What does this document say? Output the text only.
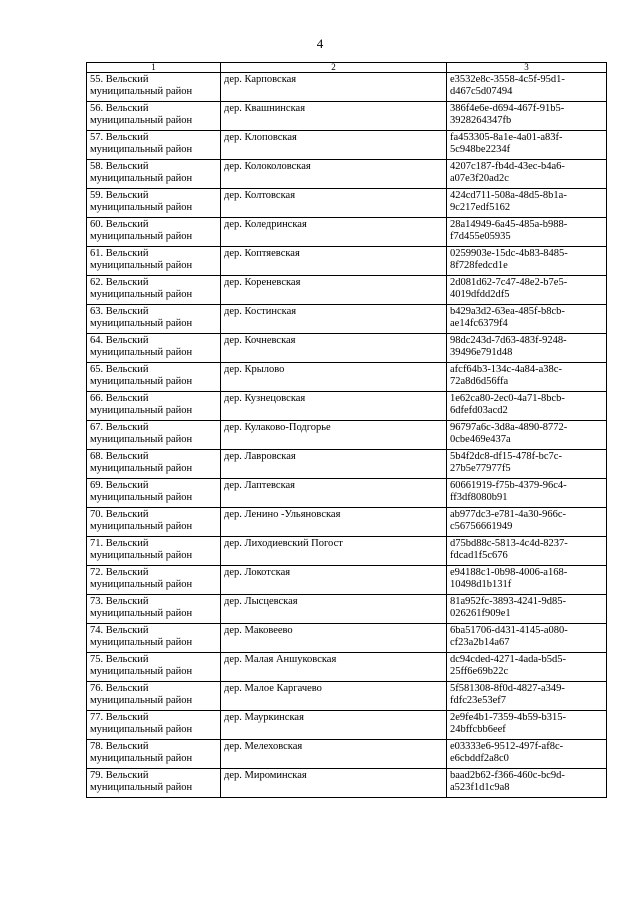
4
1	2	3
55. Вельский муниципальный район	дер. Карповская	e3532e8c-3558-4c5f-95d1-d467c5d07494
56. Вельский муниципальный район	дер. Квашнинская	386f4e6e-d694-467f-91b5-3928264347fb
57. Вельский муниципальный район	дер. Клоповская	fa453305-8a1e-4a01-a83f-5c948be2234f
58. Вельский муниципальный район	дер. Колоколовская	4207c187-fb4d-43ec-b4a6-a07e3f20ad2c
59. Вельский муниципальный район	дер. Колтовская	424cd711-508a-48d5-8b1a-9c217edf5162
60. Вельский муниципальный район	дер. Коледринская	28a14949-6a45-485a-b988-f7d455e05935
61. Вельский муниципальный район	дер. Коптяевская	0259903e-15dc-4b83-8485-8f728fedcd1e
62. Вельский муниципальный район	дер. Кореневская	2d081d62-7c47-48e2-b7e5-4019dfdd2df5
63. Вельский муниципальный район	дер. Костинская	b429a3d2-63ea-485f-b8cb-ae14fc6379f4
64. Вельский муниципальный район	дер. Кочневская	98dc243d-7d63-483f-9248-39496e791d48
65. Вельский муниципальный район	дер. Крылово	afcf64b3-134c-4a84-a38c-72a8d6d56ffa
66. Вельский муниципальный район	дер. Кузнецовская	1e62ca80-2ec0-4a71-8bcb-6dfefd03acd2
67. Вельский муниципальный район	дер. Кулаково-Подгорье	96797a6c-3d8a-4890-8772-0cbe469e437a
68. Вельский муниципальный район	дер. Лавровская	5b4f2dc8-df15-478f-bc7c-27b5e77977f5
69. Вельский муниципальный район	дер. Лаптевская	60661919-f75b-4379-96c4-ff3df8080b91
70. Вельский муниципальный район	дер. Ленино -Ульяновская	ab977dc3-e781-4a30-966c-c56756661949
71. Вельский муниципальный район	дер. Лиходиевский Погост	d75bd88c-5813-4c4d-8237-fdcad1f5c676
72. Вельский муниципальный район	дер. Локотская	e94188c1-0b98-4006-a168-10498d1b131f
73. Вельский муниципальный район	дер. Лысцевская	81a952fc-3893-4241-9d85-026261f909e1
74. Вельский муниципальный район	дер. Маковеево	6ba51706-d431-4145-a080-cf23a2b14a67
75. Вельский муниципальный район	дер. Малая Аншуковская	dc94cded-4271-4ada-b5d5-25ff6e69b22c
76. Вельский муниципальный район	дер. Малое Каргачево	5f581308-8f0d-4827-a349-fdfc23e53ef7
77. Вельский муниципальный район	дер. Мауркинская	2e9fe4b1-7359-4b59-b315-24bffcbb6eef
78. Вельский муниципальный район	дер. Мелеховская	e03333e6-9512-497f-af8c-e6cbddf2a8c0
79. Вельский муниципальный район	дер. Мироминская	baad2b62-f366-460c-bc9d-a523f1d1c9a8
